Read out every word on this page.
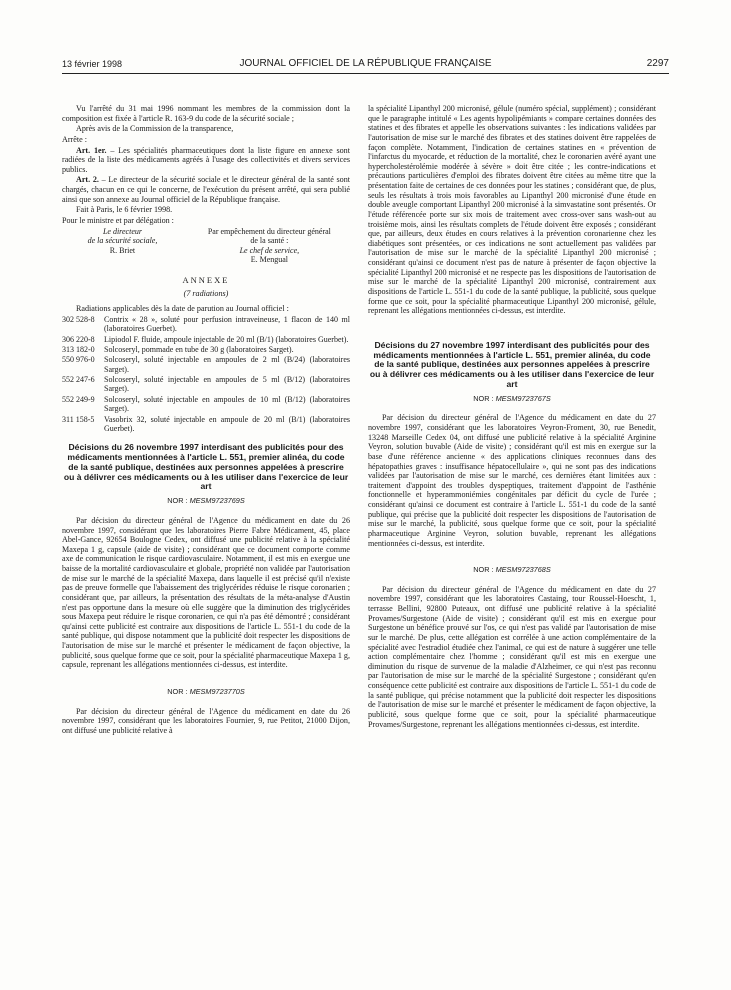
13 février 1998	JOURNAL OFFICIEL DE LA RÉPUBLIQUE FRANÇAISE	2297

Vu l'arrêté du 31 mai 1996 nommant les membres de la commission dont la composition est fixée à l'article R. 163-9 du code de la sécurité sociale ;

Après avis de la Commission de la transparence,

Arrête :

Art. 1er. – Les spécialités pharmaceutiques dont la liste figure en annexe sont radiées de la liste des médicaments agréés à l'usage des collectivités et divers services publics.

Art. 2. – Le directeur de la sécurité sociale et le directeur général de la santé sont chargés, chacun en ce qui le concerne, de l'exécution du présent arrêté, qui sera publié ainsi que son annexe au Journal officiel de la République française.

Fait à Paris, le 6 février 1998.

Pour le ministre et par délégation :

Le directeur
de la sécurité sociale,
R. Briet
Par empêchement du directeur général
de la santé :
Le chef de service,
E. Mengual
ANNEXE
(7 radiations)

Radiations applicables dès la date de parution au Journal officiel :

302 528-8	Contrix « 28 », soluté pour perfusion intraveineuse, 1 flacon de 140 ml (laboratoires Guerbet).
306 220-8	Lipiodol F. fluide, ampoule injectable de 20 ml (B/1) (laboratoires Guerbet).
313 182-0	Solcoseryl, pommade en tube de 30 g (laboratoires Sarget).
550 976-0	Solcoseryl, soluté injectable en ampoules de 2 ml (B/24) (laboratoires Sarget).
552 247-6	Solcoseryl, soluté injectable en ampoules de 5 ml (B/12) (laboratoires Sarget).
552 249-9	Solcoseryl, soluté injectable en ampoules de 10 ml (B/12) (laboratoires Sarget).
311 158-5	Vasobrix 32, soluté injectable en ampoule de 20 ml (B/1) (laboratoires Guerbet).
Décisions du 26 novembre 1997 interdisant des publicités pour des médicaments mentionnées à l'article L. 551, premier alinéa, du code de la santé publique, destinées aux personnes appelées à prescrire ou à délivrer ces médicaments ou à les utiliser dans l'exercice de leur art
NOR : MESM9723769S

Par décision du directeur général de l'Agence du médicament en date du 26 novembre 1997, considérant que les laboratoires Pierre Fabre Médicament, 45, place Abel-Gance, 92654 Boulogne Cedex, ont diffusé une publicité relative à la spécialité Maxepa 1 g, capsule (aide de visite) ; considérant que ce document comporte comme axe de communication le risque cardiovasculaire. Notamment, il est mis en exergue une baisse de la mortalité cardiovasculaire et globale, propriété non validée par l'autorisation de mise sur le marché de la spécialité Maxepa, dans laquelle il est précisé qu'il n'existe pas de preuve formelle que l'abaissement des triglycérides réduise le risque coronarien ; considérant que, par ailleurs, la présentation des résultats de la méta-analyse d'Austin n'est pas opportune dans la mesure où elle suggère que la diminution des triglycérides sous Maxepa peut réduire le risque coronarien, ce qui n'a pas été démontré ; considérant qu'ainsi cette publicité est contraire aux dispositions de l'article L. 551-1 du code de la santé publique, qui dispose notamment que la publicité doit respecter les dispositions de l'autorisation de mise sur le marché et présenter le médicament de façon objective, la publicité, sous quelque forme que ce soit, pour la spécialité pharmaceutique Maxepa 1 g, capsule, reprenant les allégations mentionnées ci-dessus, est interdite.

NOR : MESM9723770S

Par décision du directeur général de l'Agence du médicament en date du 26 novembre 1997, considérant que les laboratoires Fournier, 9, rue Petitot, 21000 Dijon, ont diffusé une publicité relative à

la spécialité Lipanthyl 200 micronisé, gélule (numéro spécial, supplément) ; considérant que le paragraphe intitulé « Les agents hypolipémiants » compare certaines données des statines et des fibrates et appelle les observations suivantes : les indications validées par l'autorisation de mise sur le marché des fibrates et des statines doivent être rappelées de façon complète. Notamment, l'indication de certaines statines en « prévention de l'infarctus du myocarde, et réduction de la mortalité, chez le coronarien avéré ayant une hypercholestérolémie modérée à sévère » doit être citée ; les contre-indications et précautions particulières d'emploi des fibrates doivent être citées au même titre que la présentation faite de certaines de ces données pour les statines ; considérant que, de plus, seuls les résultats à trois mois favorables au Lipanthyl 200 micronisé d'une étude en double aveugle comportant Lipanthyl 200 micronisé à la simvastatine sont présentés. Or l'étude référencée porte sur six mois de traitement avec cross-over sans wash-out au troisième mois, ainsi les résultats complets de l'étude doivent être exposés ; considérant que, par ailleurs, deux études en cours relatives à la prévention coronarienne chez les diabétiques sont présentées, or ces indications ne sont actuellement pas validées par l'autorisation de mise sur le marché de la spécialité Lipanthyl 200 micronisé ; considérant qu'ainsi ce document n'est pas de nature à présenter de façon objective la spécialité Lipanthyl 200 micronisé et ne respecte pas les dispositions de l'autorisation de mise sur le marché de la spécialité Lipanthyl 200 micronisé, contrairement aux dispositions de l'article L. 551-1 du code de la santé publique, la publicité, sous quelque forme que ce soit, pour la spécialité pharmaceutique Lipanthyl 200 micronisé, gélule, reprenant les allégations mentionnées ci-dessus, est interdite.

Décisions du 27 novembre 1997 interdisant des publicités pour des médicaments mentionnées à l'article L. 551, premier alinéa, du code de la santé publique, destinées aux personnes appelées à prescrire ou à délivrer ces médicaments ou à les utiliser dans l'exercice de leur art
NOR : MESM9723767S

Par décision du directeur général de l'Agence du médicament en date du 27 novembre 1997, considérant que les laboratoires Veyron-Froment, 30, rue Benedit, 13248 Marseille Cedex 04, ont diffusé une publicité relative à la spécialité Arginine Veyron, solution buvable (Aide de visite) ; considérant qu'il est mis en exergue sur la base d'une référence ancienne « des applications cliniques reconnues dans des hépatopathies graves : insuffisance hépatocellulaire », qui ne sont pas des indications validées par l'autorisation de mise sur le marché, ces dernières étant limitées aux : traitement d'appoint des troubles dyspeptiques, traitement d'appoint de l'asthénie fonctionnelle et hyperammoniémies congénitales par déficit du cycle de l'urée ; considérant qu'ainsi ce document est contraire à l'article L. 551-1 du code de la santé publique, qui précise que la publicité doit respecter les dispositions de l'autorisation de mise sur le marché, la publicité, sous quelque forme que ce soit, pour la spécialité pharmaceutique Arginine Veyron, solution buvable, reprenant les allégations mentionnées ci-dessus, est interdite.

NOR : MESM9723768S

Par décision du directeur général de l'Agence du médicament en date du 27 novembre 1997, considérant que les laboratoires Castaing, tour Roussel-Hoescht, 1, terrasse Bellini, 92800 Puteaux, ont diffusé une publicité relative à la spécialité Provames/Surgestone (Aide de visite) ; considérant qu'il est mis en exergue pour Surgestone un bénéfice prouvé sur l'os, ce qui n'est pas validé par l'autorisation de mise sur le marché. De plus, cette allégation est corrélée à une action complémentaire de la spécialité avec l'estradiol étudiée chez l'animal, ce qui est de nature à suggérer une telle action complémentaire chez l'homme ; considérant qu'il est mis en exergue une diminution du risque de survenue de la maladie d'Alzheimer, ce qui n'est pas reconnu par l'autorisation de mise sur le marché de la spécialité Surgestone ; considérant qu'en conséquence cette publicité est contraire aux dispositions de l'article L. 551-1 du code de la santé publique, qui précise notamment que la publicité doit respecter les dispositions de l'autorisation de mise sur le marché et présenter le médicament de façon objective, la publicité, sous quelque forme que ce soit, pour la spécialité pharmaceutique Provames/Surgestone, reprenant les allégations mentionnées ci-dessus, est interdite.
